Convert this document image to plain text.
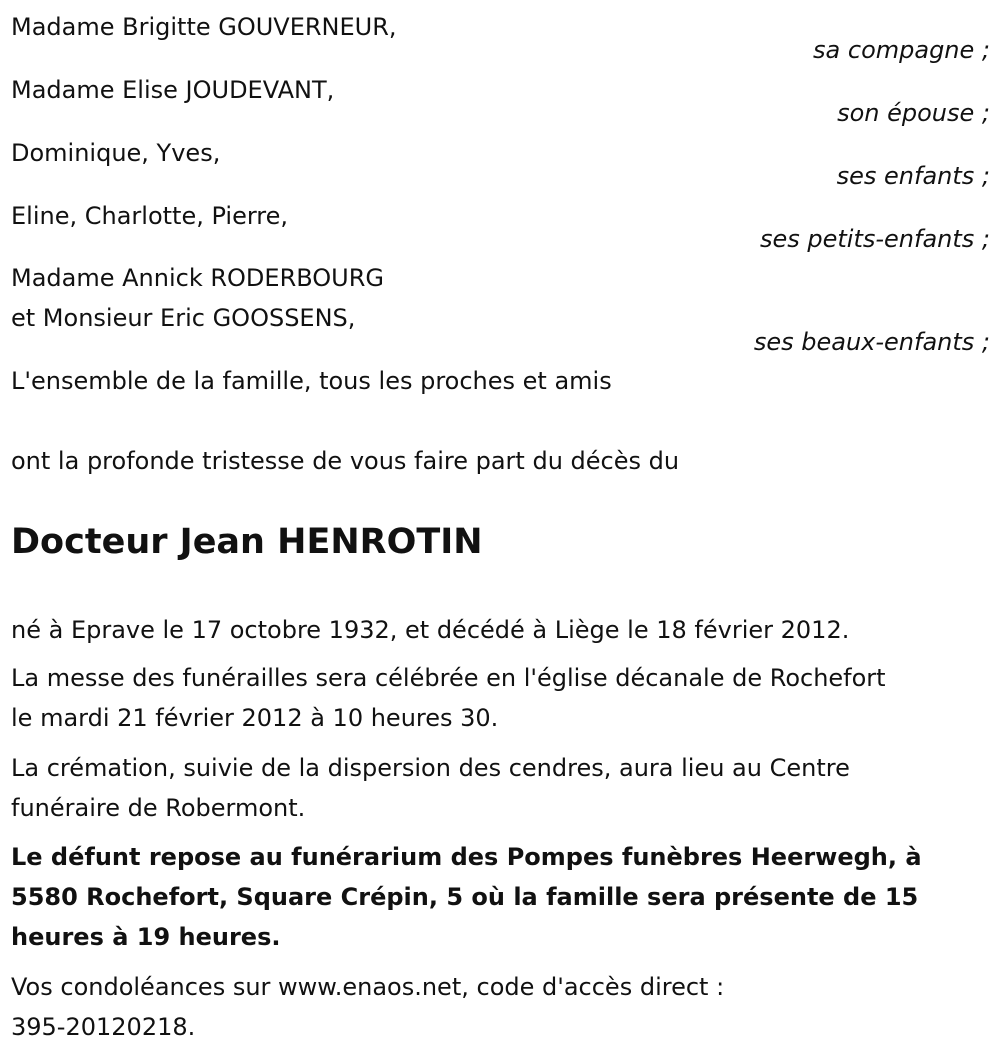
Madame Brigitte GOUVERNEUR,
sa compagne ;
Madame Elise JOUDEVANT,
son épouse ;
Dominique, Yves,
ses enfants ;
Eline, Charlotte, Pierre,
ses petits-enfants ;
Madame Annick RODERBOURG
et Monsieur Eric GOOSSENS,
ses beaux-enfants ;
L'ensemble de la famille, tous les proches et amis
ont la profonde tristesse de vous faire part du décès du
Docteur Jean HENROTIN
né à Eprave le 17 octobre 1932, et décédé à Liège le 18 février 2012.
La messe des funérailles sera célébrée en l'église décanale de Rochefort
le mardi 21 février 2012 à 10 heures 30.
La crémation, suivie de la dispersion des cendres, aura lieu au Centre
funéraire de Robermont.
Le défunt repose au funérarium des Pompes funèbres Heerwegh, à
5580 Rochefort, Square Crépin, 5 où la famille sera présente de 15
heures à 19 heures.
Vos condoléances sur www.enaos.net, code d'accès direct :
395-20120218.
